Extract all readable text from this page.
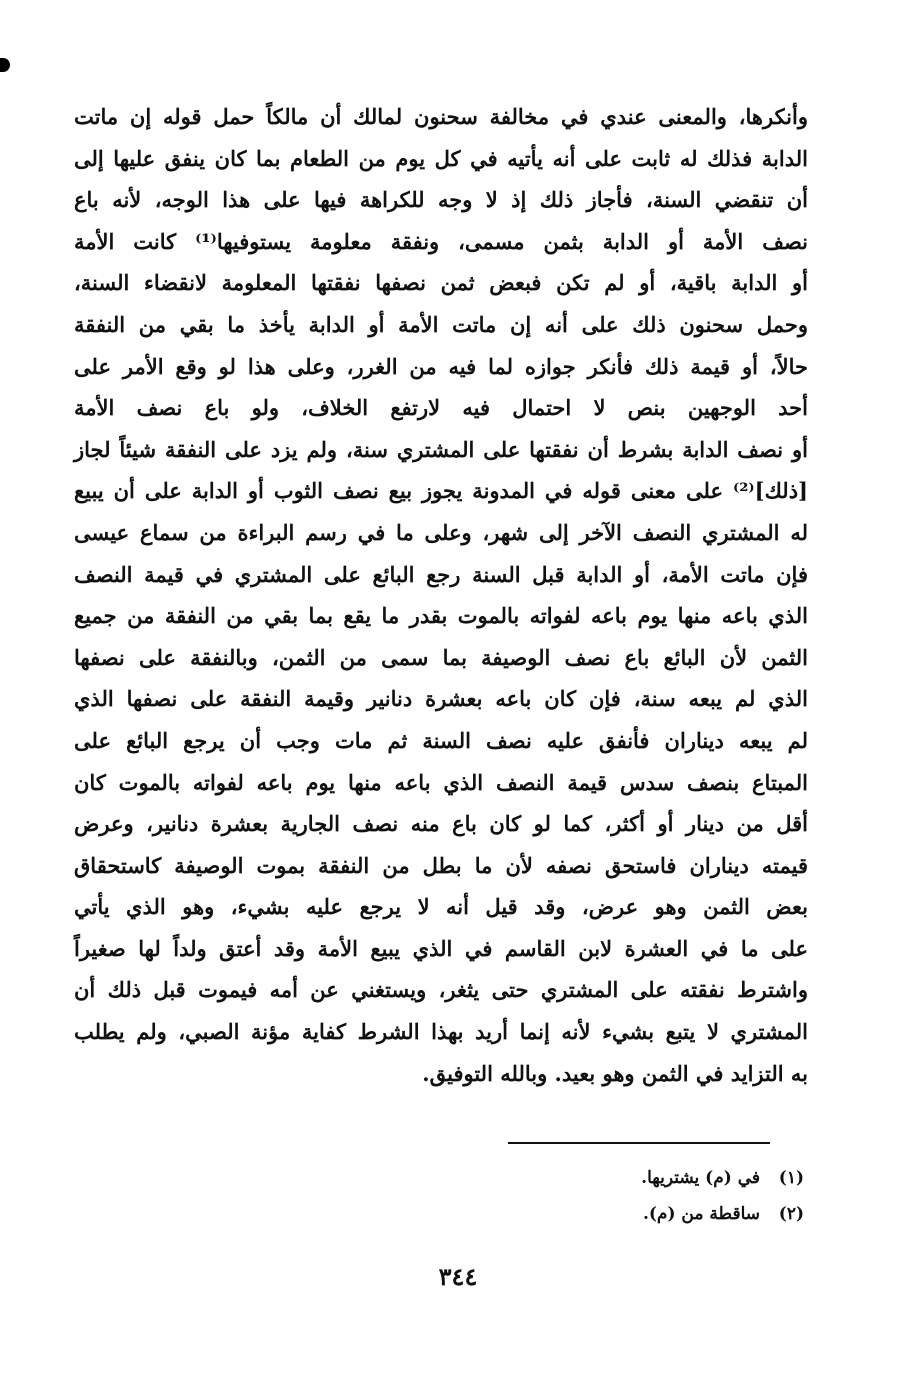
وأنكرها، والمعنى عندي في مخالفة سحنون لمالك أن مالكاً حمل قوله إن ماتت
الدابة فذلك له ثابت على أنه يأتيه في كل يوم من الطعام بما كان ينفق عليها إلى
أن تنقضي السنة، فأجاز ذلك إذ لا وجه للكراهة فيها على هذا الوجه، لأنه باع
نصف الأمة أو الدابة بثمن مسمى، ونفقة معلومة يستوفيها⁽¹⁾ كانت الأمة
أو الدابة باقية، أو لم تكن فبعض ثمن نصفها نفقتها المعلومة لانقضاء السنة،
وحمل سحنون ذلك على أنه إن ماتت الأمة أو الدابة يأخذ ما بقي من النفقة
حالاً، أو قيمة ذلك فأنكر جوازه لما فيه من الغرر، وعلى هذا لو وقع الأمر على
أحد الوجهين بنص لا احتمال فيه لارتفع الخلاف، ولو باع نصف الأمة
أو نصف الدابة بشرط أن نفقتها على المشتري سنة، ولم يزد على النفقة شيئاً لجاز
[ذلك]⁽²⁾ على معنى قوله في المدونة يجوز بيع نصف الثوب أو الدابة على أن يبيع
له المشتري النصف الآخر إلى شهر، وعلى ما في رسم البراءة من سماع عيسى
فإن ماتت الأمة، أو الدابة قبل السنة رجع البائع على المشتري في قيمة النصف
الذي باعه منها يوم باعه لفواته بالموت بقدر ما يقع بما بقي من النفقة من جميع
الثمن لأن البائع باع نصف الوصيفة بما سمى من الثمن، وبالنفقة على نصفها
الذي لم يبعه سنة، فإن كان باعه بعشرة دنانير وقيمة النفقة على نصفها الذي
لم يبعه ديناران فأنفق عليه نصف السنة ثم مات وجب أن يرجع البائع على
المبتاع بنصف سدس قيمة النصف الذي باعه منها يوم باعه لفواته بالموت كان
أقل من دينار أو أكثر، كما لو كان باع منه نصف الجارية بعشرة دنانير، وعرض
قيمته ديناران فاستحق نصفه لأن ما بطل من النفقة بموت الوصيفة كاستحقاق
بعض الثمن وهو عرض، وقد قيل أنه لا يرجع عليه بشيء، وهو الذي يأتي
على ما في العشرة لابن القاسم في الذي يبيع الأمة وقد أعتق ولداً لها صغيراً
واشترط نفقته على المشتري حتى يثغر، ويستغني عن أمه فيموت قبل ذلك أن
المشتري لا يتبع بشيء لأنه إنما أريد بهذا الشرط كفاية مؤنة الصبي، ولم يطلب
به التزايد في الثمن وهو بعيد. وبالله التوفيق.
(١)في (م) يشتريها.
(٢)ساقطة من (م).
٣٤٤
